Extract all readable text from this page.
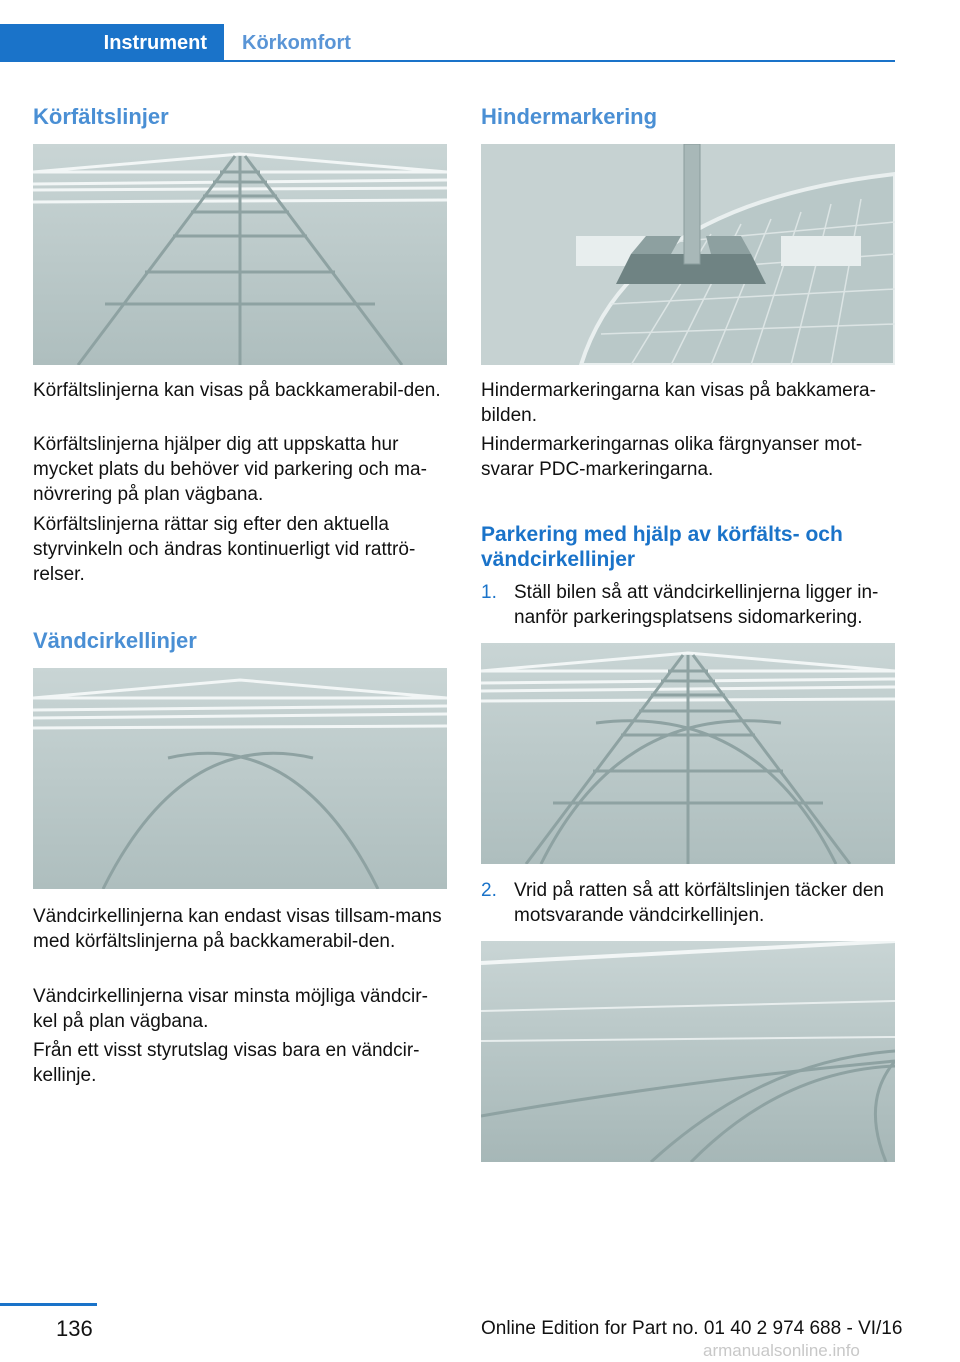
Instrument	Körkomfort
Körfältslinjer

Körfältslinjerna kan visas på backkamerabil-den.

Körfältslinjerna hjälper dig att uppskatta hur mycket plats du behöver vid parkering och ma-növrering på plan vägbana.

Körfältslinjerna rättar sig efter den aktuella styrvinkeln och ändras kontinuerligt vid rattrö-relser.

Vändcirkellinjer

Vändcirkellinjerna kan endast visas tillsam-mans med körfältslinjerna på backkamerabil-den.

Vändcirkellinjerna visar minsta möjliga vändcir-kel på plan vägbana.

Från ett visst styrutslag visas bara en vändcir-kellinje.

Hindermarkering

Hindermarkeringarna kan visas på bakkamera-bilden.

Hindermarkeringarnas olika färgnyanser mot-svarar PDC-markeringarna.

Parkering med hjälp av körfälts- och vändcirkellinjer
1. Ställ bilen så att vändcirkellinjerna ligger in-nanför parkeringsplatsens sidomarkering.
2. Vrid på ratten så att körfältslinjen täcker den motsvarande vändcirkellinjen.
136	Online Edition for Part no. 01 40 2 974 688 - VI/16
armanualsonline.info
